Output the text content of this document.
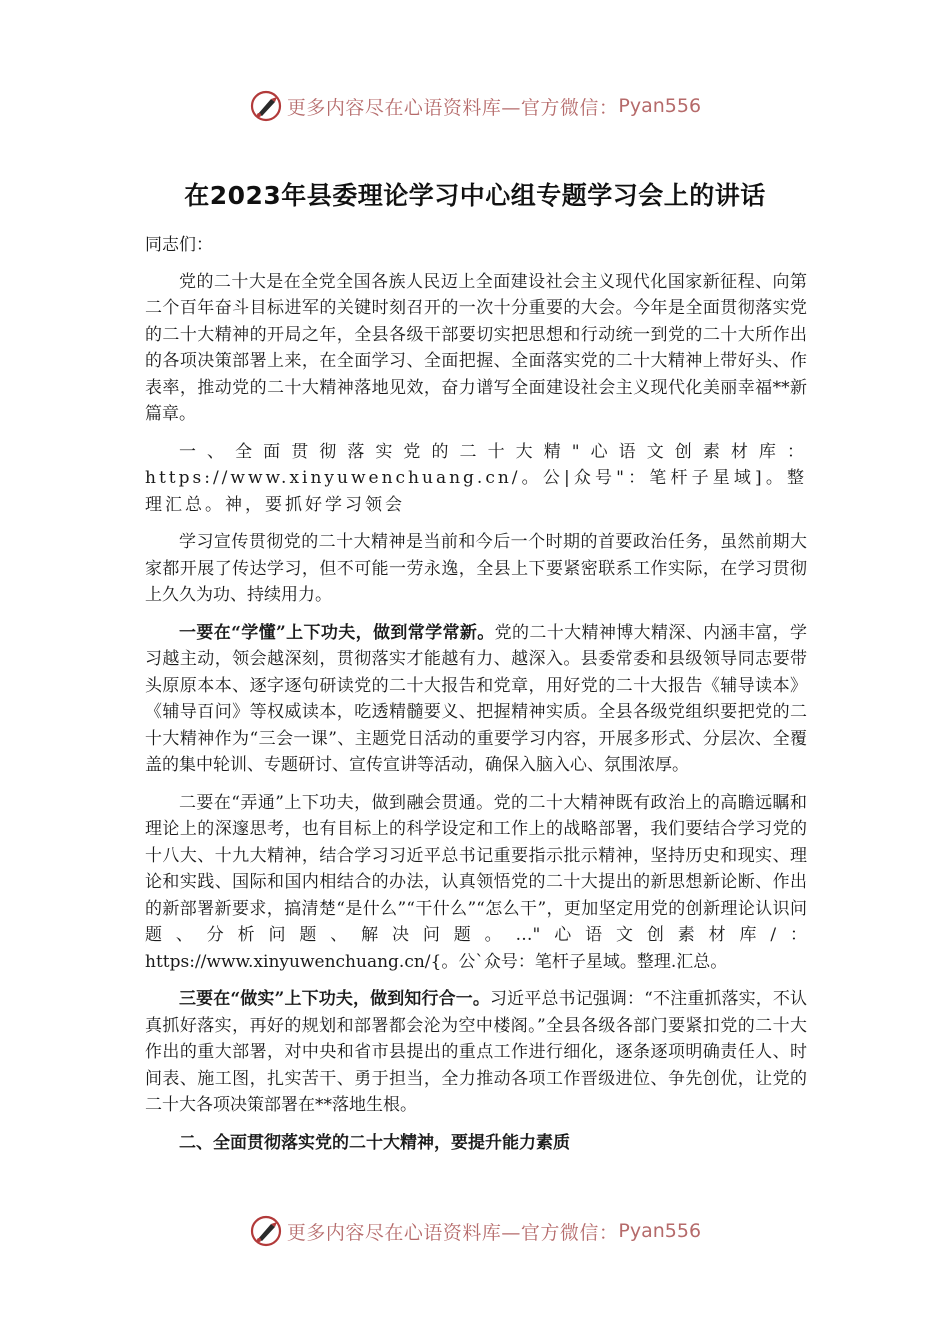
更多内容尽在心语资料库—官方微信： Pyan556
在2023年县委理论学习中心组专题学习会上的讲话

同志们：

党的二十大是在全党全国各族人民迈上全面建设社会主义现代化国家新征程、向第二个百年奋斗目标进军的关键时刻召开的一次十分重要的大会。今年是全面贯彻落实党的二十大精神的开局之年，全县各级干部要切实把思想和行动统一到党的二十大所作出的各项决策部署上来，在全面学习、全面把握、全面落实党的二十大精神上带好头、作表率，推动党的二十大精神落地见效，奋力谱写全面建设社会主义现代化美丽幸福**新篇章。

一、全面贯彻落实党的二十大精"心语文创素材库：https://www.xinyuwenchuang.cn/。公|众号"：笔杆子星域]。整理汇总。神，要抓好学习领会

学习宣传贯彻党的二十大精神是当前和今后一个时期的首要政治任务，虽然前期大家都开展了传达学习，但不可能一劳永逸，全县上下要紧密联系工作实际，在学习贯彻上久久为功、持续用力。

一要在“学懂”上下功夫，做到常学常新。党的二十大精神博大精深、内涵丰富，学习越主动，领会越深刻，贯彻落实才能越有力、越深入。县委常委和县级领导同志要带头原原本本、逐字逐句研读党的二十大报告和党章，用好党的二十大报告《辅导读本》《辅导百问》等权威读本，吃透精髓要义、把握精神实质。全县各级党组织要把党的二十大精神作为“三会一课”、主题党日活动的重要学习内容，开展多形式、分层次、全覆盖的集中轮训、专题研讨、宣传宣讲等活动，确保入脑入心、氛围浓厚。

二要在“弄通”上下功夫，做到融会贯通。党的二十大精神既有政治上的高瞻远瞩和理论上的深邃思考，也有目标上的科学设定和工作上的战略部署，我们要结合学习党的十八大、十九大精神，结合学习习近平总书记重要指示批示精神，坚持历史和现实、理论和实践、国际和国内相结合的办法，认真领悟党的二十大提出的新思想新论断、作出的新部署新要求，搞清楚“是什么”“干什么”“怎么干”，更加坚定用党的创新理论认识问题、分析问题、解决问题。…"心语文创素材库/：https://www.xinyuwenchuang.cn/{。公`众号：笔杆子星域。整理.汇总。

三要在“做实”上下功夫，做到知行合一。习近平总书记强调：“不注重抓落实，不认真抓好落实，再好的规划和部署都会沦为空中楼阁。”全县各级各部门要紧扣党的二十大作出的重大部署，对中央和省市县提出的重点工作进行细化，逐条逐项明确责任人、时间表、施工图，扎实苦干、勇于担当，全力推动各项工作晋级进位、争先创优，让党的二十大各项决策部署在**落地生根。

二、全面贯彻落实党的二十大精神，要提升能力素质

更多内容尽在心语资料库—官方微信： Pyan556
